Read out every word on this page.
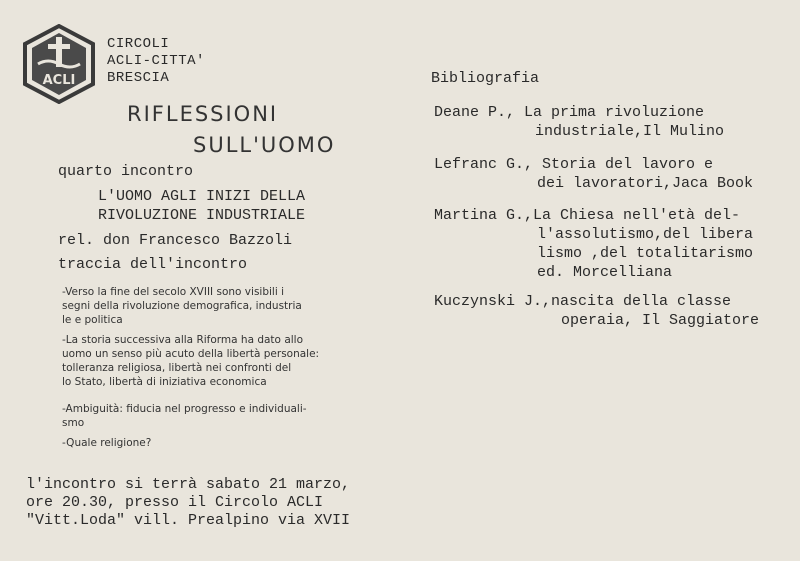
ACLI
CIRCOLI
ACLI-CITTA'
BRESCIA
RIFLESSIONI
SULL'UOMO
quarto incontro
L'UOMO AGLI INIZI DELLA
RIVOLUZIONE INDUSTRIALE
rel. don Francesco Bazzoli
traccia dell'incontro
-Verso la fine del secolo XVIII sono visibili i
segni della rivoluzione demografica, industria
le e politica
-La storia successiva alla Riforma ha dato allo
uomo un senso più acuto della libertà personale:
tolleranza religiosa, libertà nei confronti del
lo Stato, libertà di iniziativa economica
-Ambiguità: fiducia nel progresso e individuali-
smo
-Quale religione?
l'incontro si terrà sabato 21 marzo,
ore 20.30, presso il Circolo ACLI
"Vitt.Loda" vill. Prealpino via XVII
Bibliografia
Deane P., La prima rivoluzione
industriale,Il Mulino
Lefranc G., Storia del lavoro e
dei lavoratori,Jaca Book
Martina G.,La Chiesa nell'età del-
l'assolutismo,del libera
lismo ,del totalitarismo
ed. Morcelliana
Kuczynski J.,nascita della classe
operaia, Il Saggiatore
